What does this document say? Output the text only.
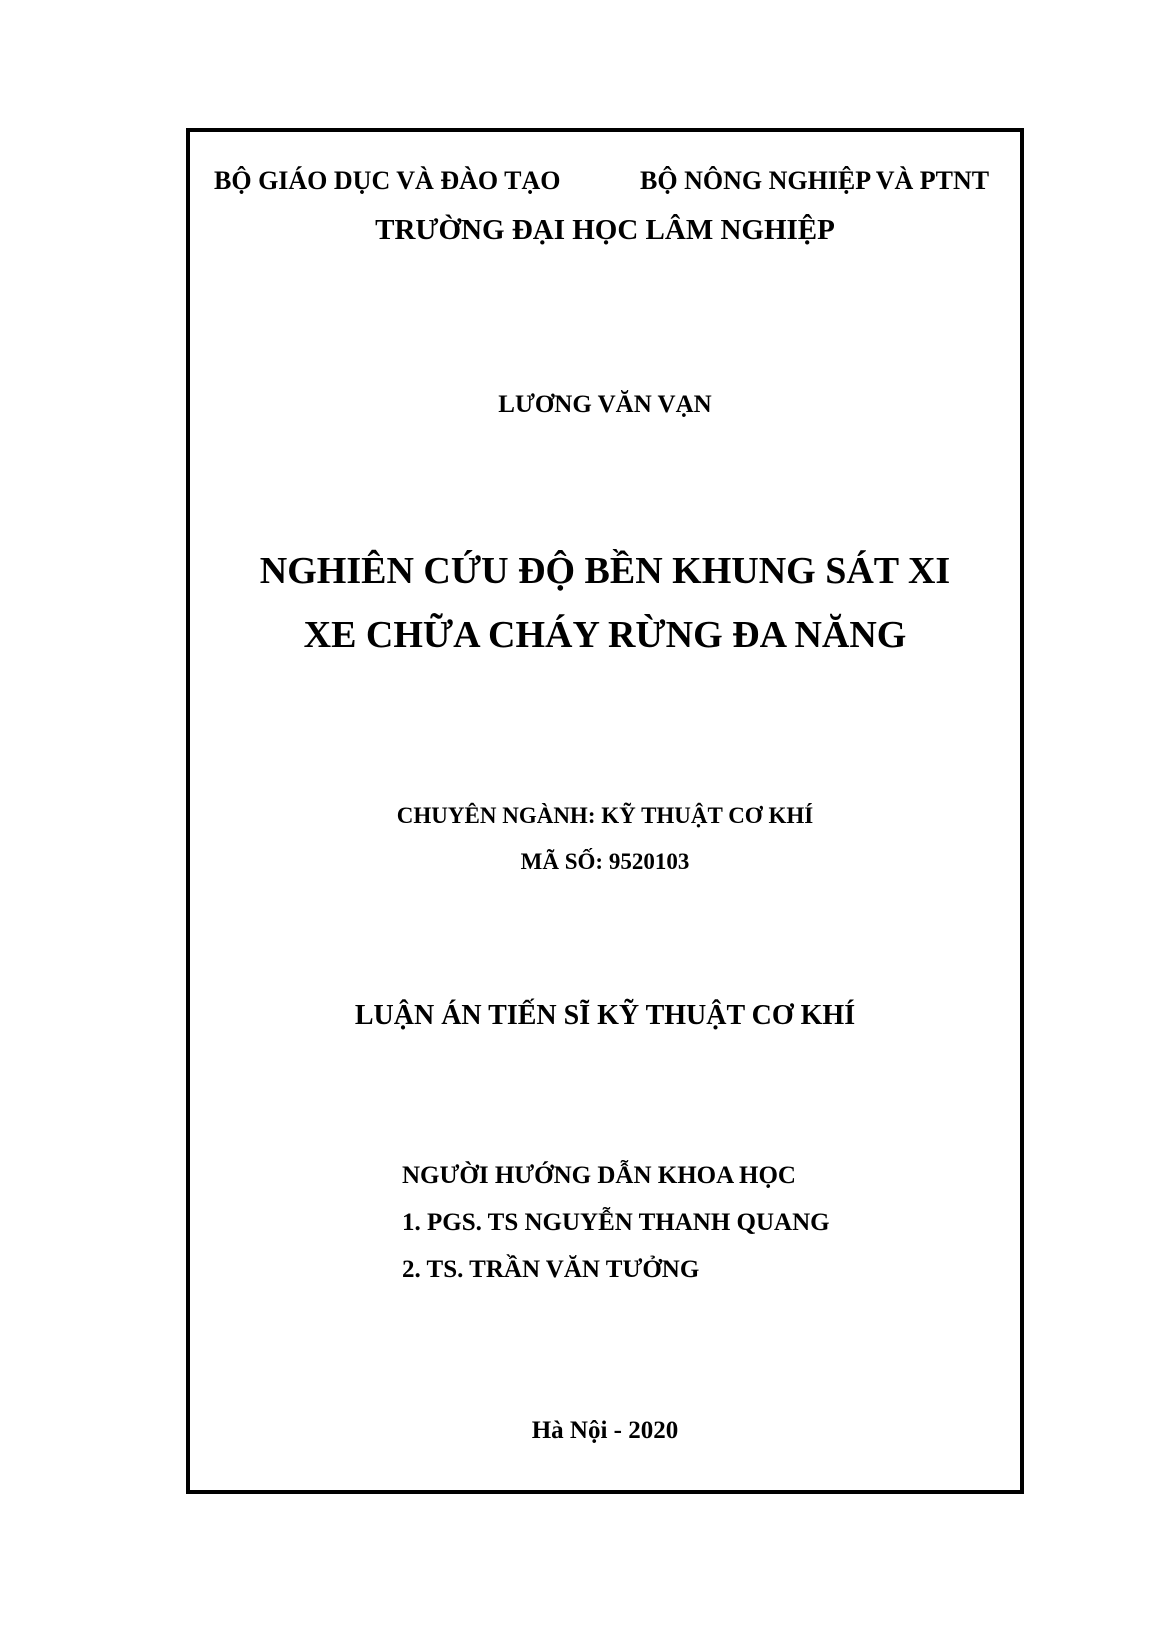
BỘ GIÁO DỤC VÀ ĐÀO TẠO	BỘ NÔNG NGHIỆP VÀ PTNT
TRƯỜNG ĐẠI HỌC LÂM NGHIỆP
LƯƠNG VĂN VẠN
NGHIÊN CỨU ĐỘ BỀN KHUNG SÁT XI
XE CHỮA CHÁY RỪNG ĐA NĂNG
CHUYÊN NGÀNH: KỸ THUẬT CƠ KHÍ
MÃ SỐ: 9520103
LUẬN ÁN TIẾN SĨ KỸ THUẬT CƠ KHÍ
NGƯỜI HƯỚNG DẪN KHOA HỌC
1. PGS. TS NGUYỄN THANH QUANG
2. TS. TRẦN VĂN TƯỞNG
Hà Nội - 2020
